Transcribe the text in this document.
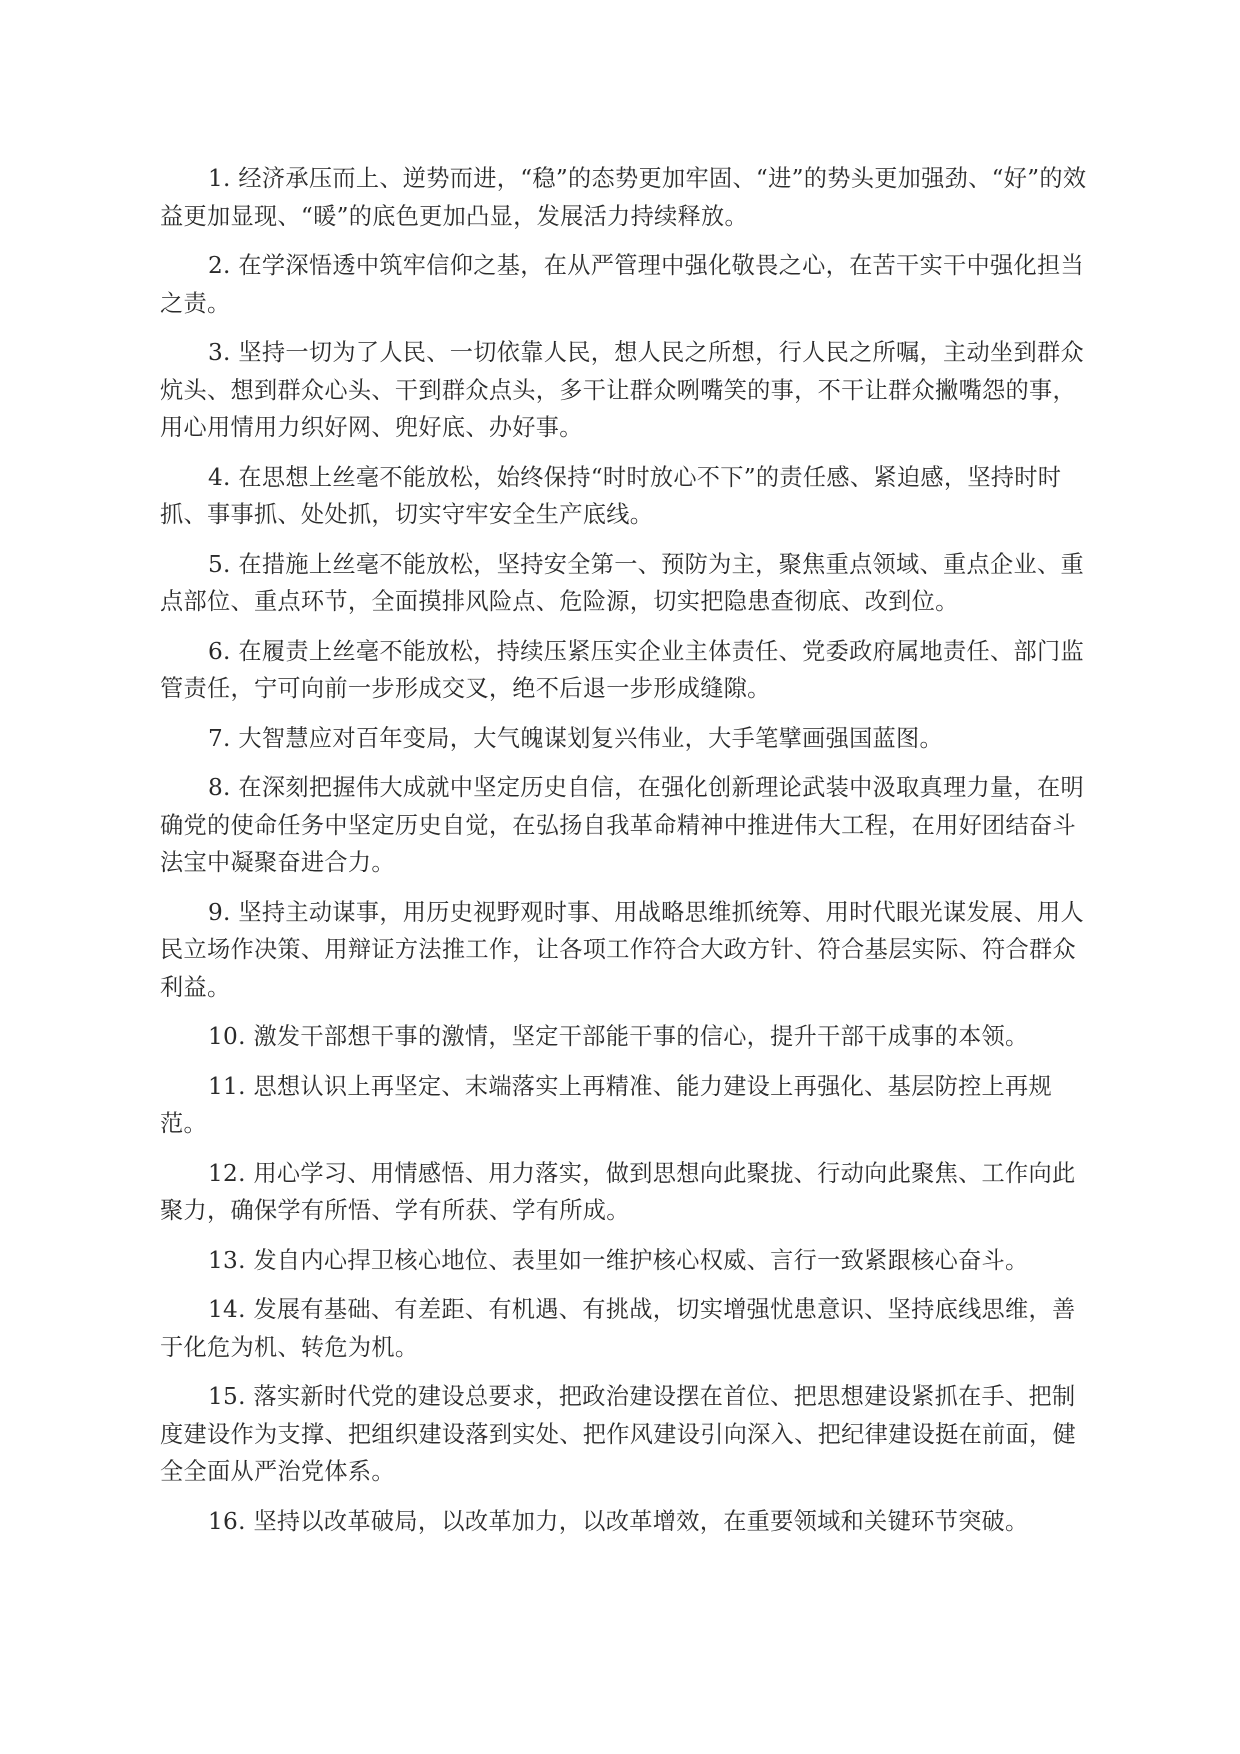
1. 经济承压而上、逆势而进，“稳”的态势更加牢固、“进”的势头更加强劲、“好”的效益更加显现、“暖”的底色更加凸显，发展活力持续释放。

2. 在学深悟透中筑牢信仰之基，在从严管理中强化敬畏之心，在苦干实干中强化担当之责。

3. 坚持一切为了人民、一切依靠人民，想人民之所想，行人民之所嘱，主动坐到群众炕头、想到群众心头、干到群众点头，多干让群众咧嘴笑的事，不干让群众撇嘴怨的事，用心用情用力织好网、兜好底、办好事。

4. 在思想上丝毫不能放松，始终保持“时时放心不下”的责任感、紧迫感，坚持时时抓、事事抓、处处抓，切实守牢安全生产底线。

5. 在措施上丝毫不能放松，坚持安全第一、预防为主，聚焦重点领域、重点企业、重点部位、重点环节，全面摸排风险点、危险源，切实把隐患查彻底、改到位。

6. 在履责上丝毫不能放松，持续压紧压实企业主体责任、党委政府属地责任、部门监管责任，宁可向前一步形成交叉，绝不后退一步形成缝隙。

7. 大智慧应对百年变局，大气魄谋划复兴伟业，大手笔擘画强国蓝图。

8. 在深刻把握伟大成就中坚定历史自信，在强化创新理论武装中汲取真理力量，在明确党的使命任务中坚定历史自觉，在弘扬自我革命精神中推进伟大工程，在用好团结奋斗法宝中凝聚奋进合力。

9. 坚持主动谋事，用历史视野观时事、用战略思维抓统筹、用时代眼光谋发展、用人民立场作决策、用辩证方法推工作，让各项工作符合大政方针、符合基层实际、符合群众利益。

10. 激发干部想干事的激情，坚定干部能干事的信心，提升干部干成事的本领。

11. 思想认识上再坚定、末端落实上再精准、能力建设上再强化、基层防控上再规范。

12. 用心学习、用情感悟、用力落实，做到思想向此聚拢、行动向此聚焦、工作向此聚力，确保学有所悟、学有所获、学有所成。

13. 发自内心捍卫核心地位、表里如一维护核心权威、言行一致紧跟核心奋斗。

14. 发展有基础、有差距、有机遇、有挑战，切实增强忧患意识、坚持底线思维，善于化危为机、转危为机。

15. 落实新时代党的建设总要求，把政治建设摆在首位、把思想建设紧抓在手、把制度建设作为支撑、把组织建设落到实处、把作风建设引向深入、把纪律建设挺在前面，健全全面从严治党体系。

16. 坚持以改革破局，以改革加力，以改革增效，在重要领域和关键环节突破。
